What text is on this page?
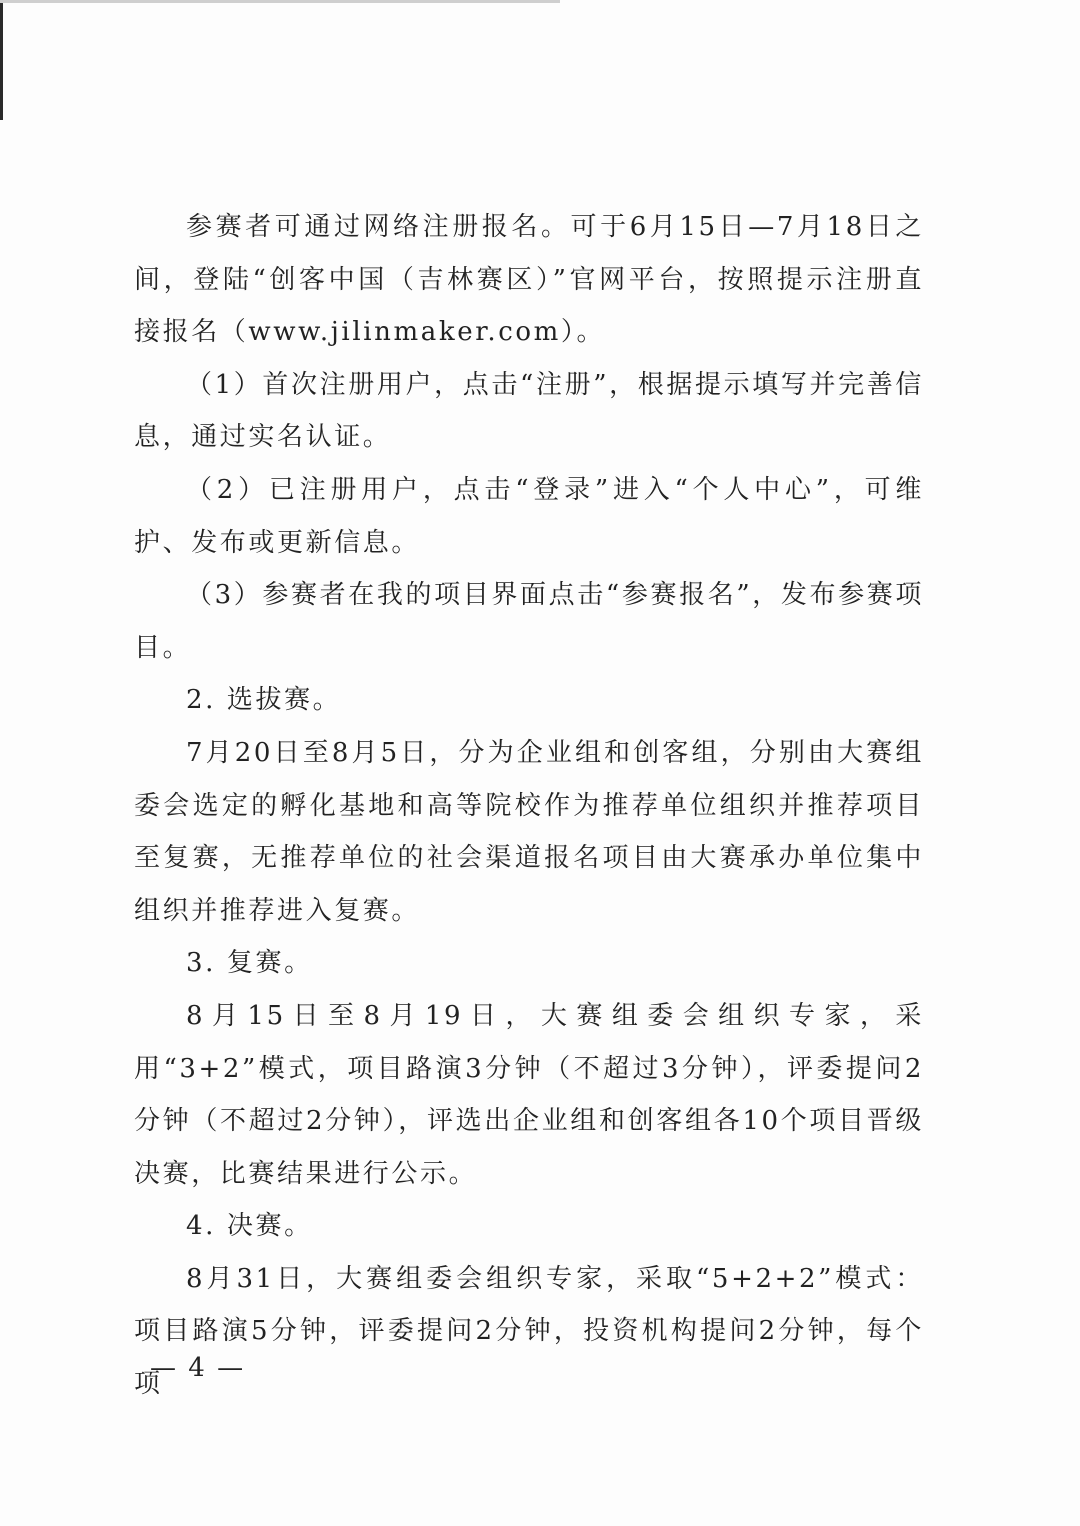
参赛者可通过网络注册报名。可于6月15日—7月18日之间，登陆“创客中国（吉林赛区）”官网平台，按照提示注册直接报名（www.jilinmaker.com）。

（1）首次注册用户，点击“注册”，根据提示填写并完善信息，通过实名认证。

（2）已注册用户，点击“登录”进入“个人中心”，可维护、发布或更新信息。

（3）参赛者在我的项目界面点击“参赛报名”，发布参赛项目。

2. 选拔赛。

7月20日至8月5日，分为企业组和创客组，分别由大赛组委会选定的孵化基地和高等院校作为推荐单位组织并推荐项目至复赛，无推荐单位的社会渠道报名项目由大赛承办单位集中组织并推荐进入复赛。

3. 复赛。

8月15日至8月19日，大赛组委会组织专家，采用“3+2”模式，项目路演3分钟（不超过3分钟），评委提问2分钟（不超过2分钟），评选出企业组和创客组各10个项目晋级决赛，比赛结果进行公示。

4. 决赛。

8月31日，大赛组委会组织专家，采取“5+2+2”模式：项目路演5分钟，评委提问2分钟，投资机构提问2分钟，每个项

— 4 —
